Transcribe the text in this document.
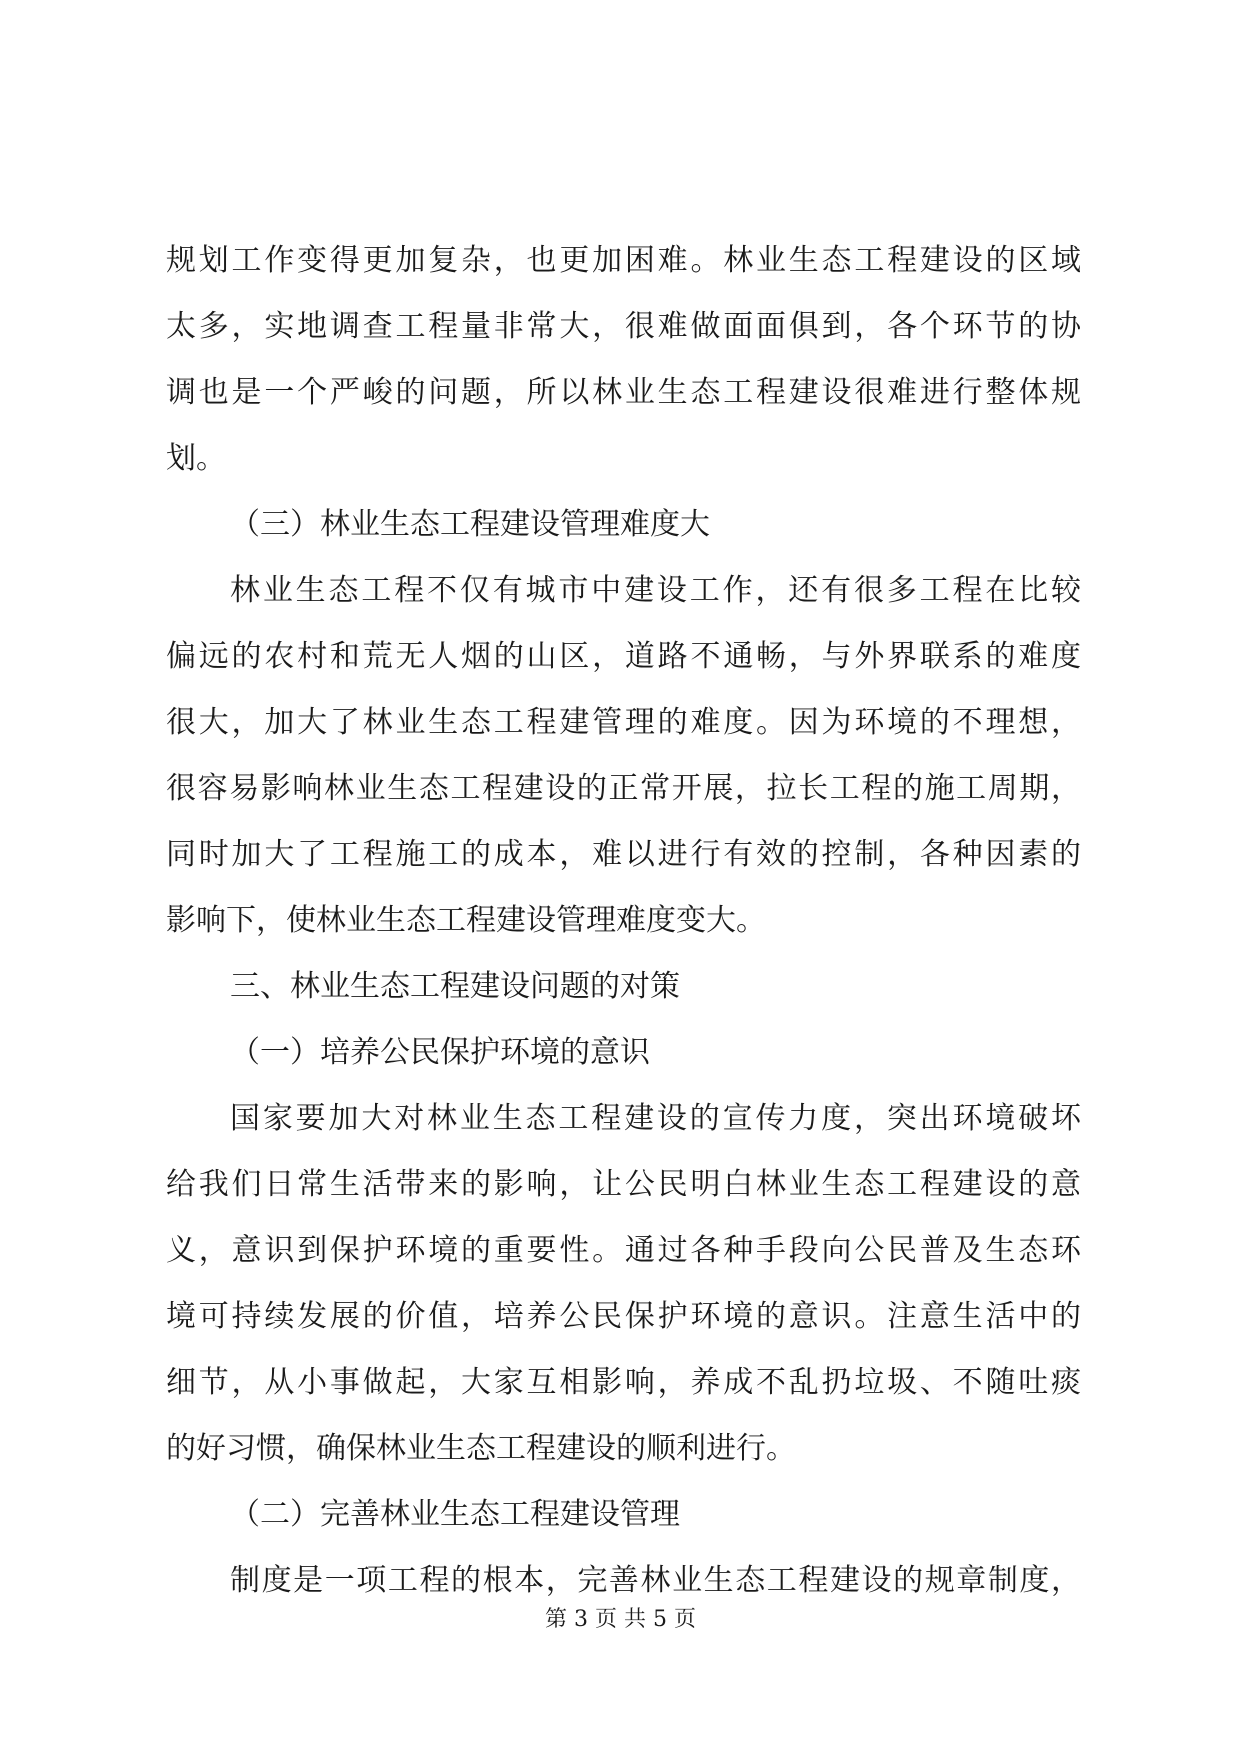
规划工作变得更加复杂，也更加困难。林业生态工程建设的区域
太多，实地调查工程量非常大，很难做面面俱到，各个环节的协
调也是一个严峻的问题，所以林业生态工程建设很难进行整体规
划。
（三）林业生态工程建设管理难度大
林业生态工程不仅有城市中建设工作，还有很多工程在比较
偏远的农村和荒无人烟的山区，道路不通畅，与外界联系的难度
很大，加大了林业生态工程建管理的难度。因为环境的不理想，
很容易影响林业生态工程建设的正常开展，拉长工程的施工周期，
同时加大了工程施工的成本，难以进行有效的控制，各种因素的
影响下，使林业生态工程建设管理难度变大。
三、林业生态工程建设问题的对策
（一）培养公民保护环境的意识
国家要加大对林业生态工程建设的宣传力度，突出环境破坏
给我们日常生活带来的影响，让公民明白林业生态工程建设的意
义，意识到保护环境的重要性。通过各种手段向公民普及生态环
境可持续发展的价值，培养公民保护环境的意识。注意生活中的
细节，从小事做起，大家互相影响，养成不乱扔垃圾、不随吐痰
的好习惯，确保林业生态工程建设的顺利进行。
（二）完善林业生态工程建设管理
制度是一项工程的根本，完善林业生态工程建设的规章制度，
第 3 页 共 5 页
